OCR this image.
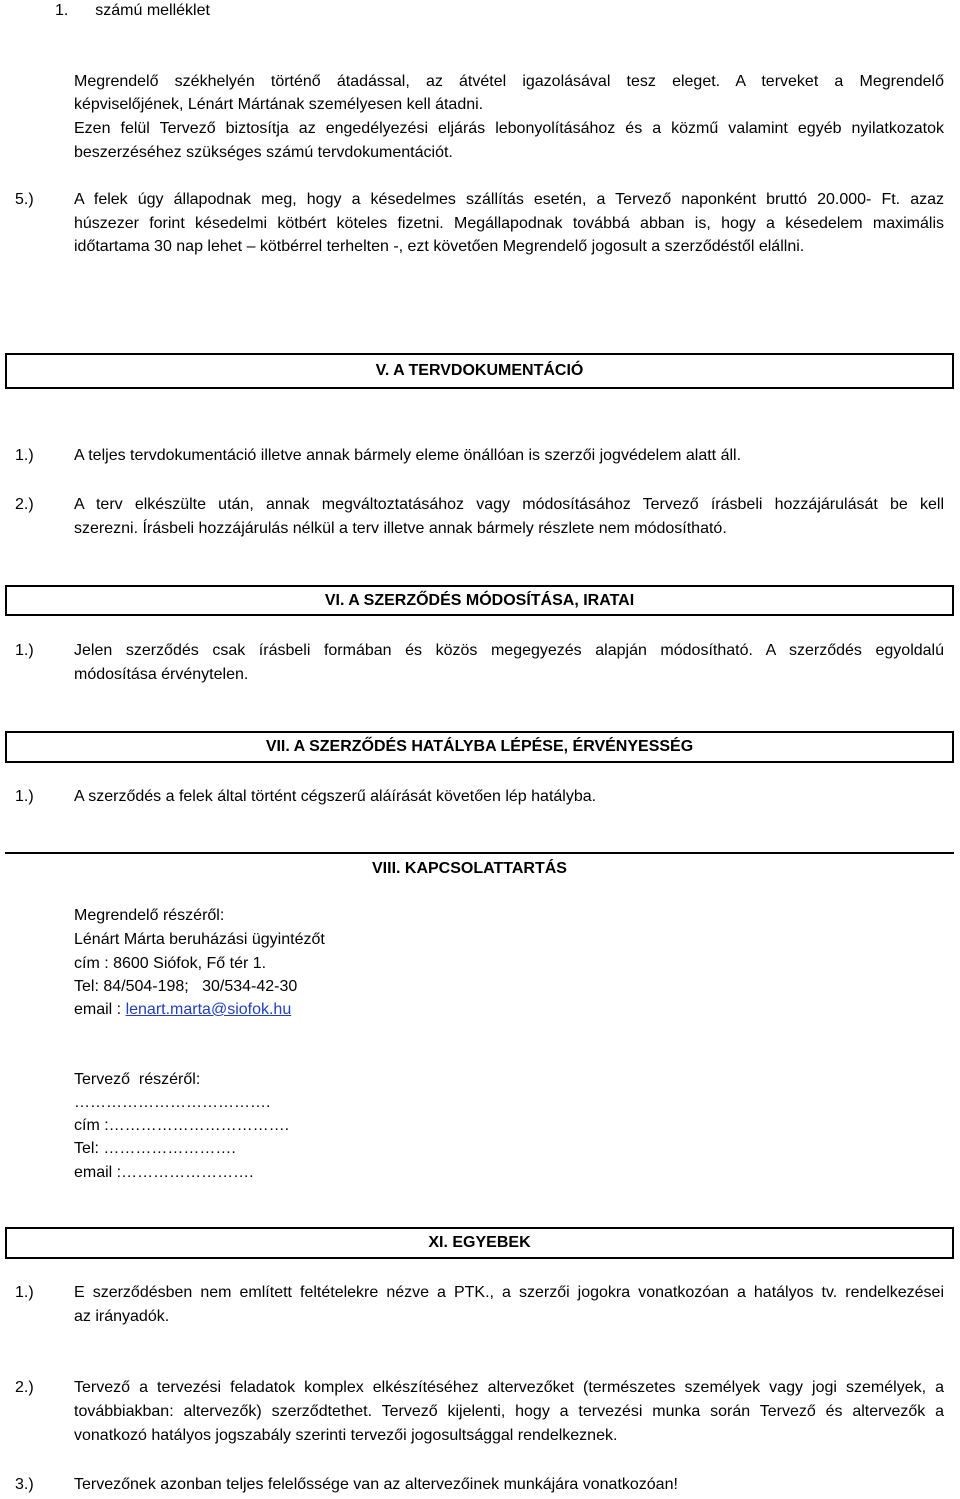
1. számú melléklet
Megrendelő székhelyén történő átadással, az átvétel igazolásával tesz eleget. A terveket a Megrendelő
képviselőjének, Lénárt Mártának személyesen kell átadni.
Ezen felül Tervező biztosítja az engedélyezési eljárás lebonyolításához és a közmű valamint egyéb nyilatkozatok
beszerzéséhez szükséges számú tervdokumentációt.
5.)	A felek úgy állapodnak meg, hogy a késedelmes szállítás esetén, a Tervező naponként bruttó 20.000- Ft. azaz
húszezer forint késedelmi kötbért köteles fizetni. Megállapodnak továbbá abban is, hogy a késedelem maximális
időtartama 30 nap lehet – kötbérrel terhelten -, ezt követően Megrendelő jogosult a szerződéstől elállni.
V. A TERVDOKUMENTÁCIÓ
1.)	A teljes tervdokumentáció illetve annak bármely eleme önállóan is szerzői jogvédelem alatt áll.
2.)	A terv elkészülte után, annak megváltoztatásához vagy módosításához Tervező írásbeli hozzájárulását be kell
szerezni. Írásbeli hozzájárulás nélkül a terv illetve annak bármely részlete nem módosítható.
VI. A SZERZŐDÉS MÓDOSÍTÁSA, IRATAI
1.)	Jelen szerződés csak írásbeli formában és közös megegyezés alapján módosítható. A szerződés egyoldalú
módosítása érvénytelen.
VII. A SZERZŐDÉS HATÁLYBA LÉPÉSE, ÉRVÉNYESSÉG
1.)	A szerződés a felek által történt cégszerű aláírását követően lép hatályba.
VIII. KAPCSOLATTARTÁS
Megrendelő részéről:
Lénárt Márta beruházási ügyintézőt
cím : 8600 Siófok, Fő tér 1.
Tel: 84/504-198;   30/534-42-30
email : lenart.marta@siofok.hu
Tervező  részéről:
……………………………….
cím :…………………………….
Tel: …………………….
email :…………………….
XI. EGYEBEK
1.)	E szerződésben nem említett feltételekre nézve a PTK., a szerzői jogokra vonatkozóan a hatályos tv. rendelkezései
az irányadók.
2.)	Tervező a tervezési feladatok komplex elkészítéséhez altervezőket (természetes személyek vagy jogi személyek, a
továbbiakban: altervezők) szerződtethet. Tervező kijelenti, hogy a tervezési munka során Tervező és altervezők a
vonatkozó hatályos jogszabály szerinti tervezői jogosultsággal rendelkeznek.
3.)	Tervezőnek azonban teljes felelőssége van az altervezőinek munkájára vonatkozóan!
